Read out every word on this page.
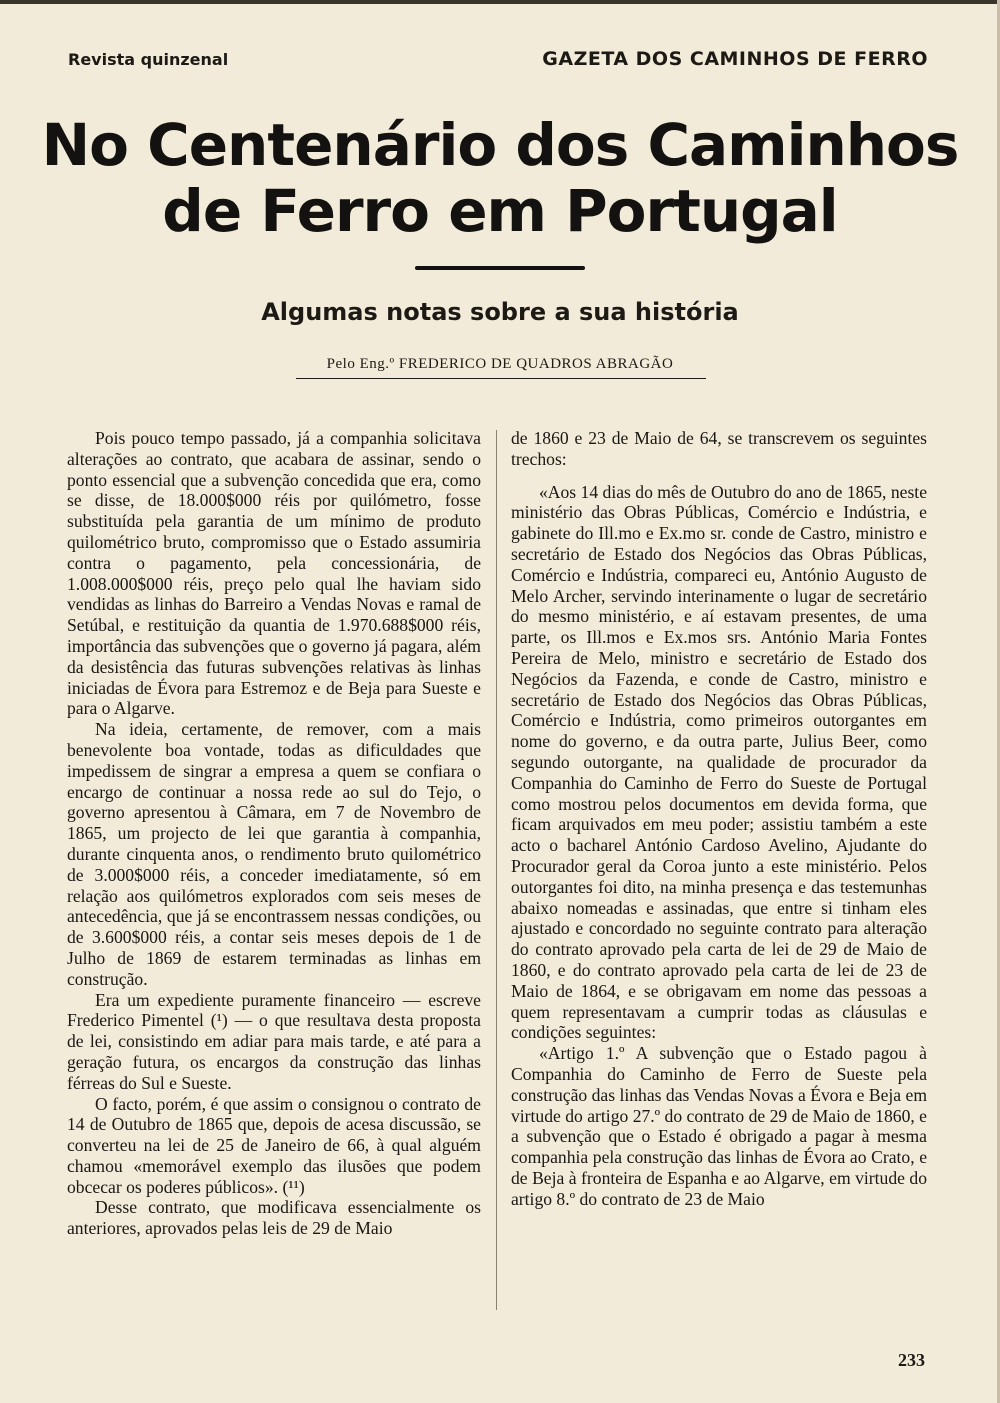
Revista quinzenal	GAZETA DOS CAMINHOS DE FERRO
No Centenário dos Caminhos
de Ferro em Portugal
Algumas notas sobre a sua história
Pelo Eng.º FREDERICO DE QUADROS ABRAGÃO

Pois pouco tempo passado, já a companhia solicitava alterações ao contrato, que acabara de assinar, sendo o ponto essencial que a subvenção concedida que era, como se disse, de 18.000$000 réis por quilómetro, fosse substituída pela garantia de um mínimo de produto quilométrico bruto, compromisso que o Estado assumiria contra o pagamento, pela concessionária, de 1.008.000$000 réis, preço pelo qual lhe haviam sido vendidas as linhas do Barreiro a Vendas Novas e ramal de Setúbal, e restituição da quantia de 1.970.688$000 réis, importância das subvenções que o governo já pagara, além da desistência das futuras subvenções relativas às linhas iniciadas de Évora para Estremoz e de Beja para Sueste e para o Algarve.

Na ideia, certamente, de remover, com a mais benevolente boa vontade, todas as dificuldades que impedissem de singrar a empresa a quem se confiara o encargo de continuar a nossa rede ao sul do Tejo, o governo apresentou à Câmara, em 7 de Novembro de 1865, um projecto de lei que garantia à companhia, durante cinquenta anos, o rendimento bruto quilométrico de 3.000$000 réis, a conceder imediatamente, só em relação aos quilómetros explorados com seis meses de antecedência, que já se encontrassem nessas condições, ou de 3.600$000 réis, a contar seis meses depois de 1 de Julho de 1869 de estarem terminadas as linhas em construção.

Era um expediente puramente financeiro — escreve Frederico Pimentel (¹) — o que resultava desta proposta de lei, consistindo em adiar para mais tarde, e até para a geração futura, os encargos da construção das linhas férreas do Sul e Sueste.

O facto, porém, é que assim o consignou o contrato de 14 de Outubro de 1865 que, depois de acesa discussão, se converteu na lei de 25 de Janeiro de 66, à qual alguém chamou «memorável exemplo das ilusões que podem obcecar os poderes públicos». (¹¹)

Desse contrato, que modificava essencialmente os anteriores, aprovados pelas leis de 29 de Maio

de 1860 e 23 de Maio de 64, se transcrevem os seguintes trechos:

«Aos 14 dias do mês de Outubro do ano de 1865, neste ministério das Obras Públicas, Comércio e Indústria, e gabinete do Ill.mo e Ex.mo sr. conde de Castro, ministro e secretário de Estado dos Negócios das Obras Públicas, Comércio e Indústria, compareci eu, António Augusto de Melo Archer, servindo interinamente o lugar de secretário do mesmo ministério, e aí estavam presentes, de uma parte, os Ill.mos e Ex.mos srs. António Maria Fontes Pereira de Melo, ministro e secretário de Estado dos Negócios da Fazenda, e conde de Castro, ministro e secretário de Estado dos Negócios das Obras Públicas, Comércio e Indústria, como primeiros outorgantes em nome do governo, e da outra parte, Julius Beer, como segundo outorgante, na qualidade de procurador da Companhia do Caminho de Ferro do Sueste de Portugal como mostrou pelos documentos em devida forma, que ficam arquivados em meu poder; assistiu também a este acto o bacharel António Cardoso Avelino, Ajudante do Procurador geral da Coroa junto a este ministério. Pelos outorgantes foi dito, na minha presença e das testemunhas abaixo nomeadas e assinadas, que entre si tinham eles ajustado e concordado no seguinte contrato para alteração do contrato aprovado pela carta de lei de 29 de Maio de 1860, e do contrato aprovado pela carta de lei de 23 de Maio de 1864, e se obrigavam em nome das pessoas a quem representavam a cumprir todas as cláusulas e condições seguintes:

«Artigo 1.º A subvenção que o Estado pagou à Companhia do Caminho de Ferro de Sueste pela construção das linhas das Vendas Novas a Évora e Beja em virtude do artigo 27.º do contrato de 29 de Maio de 1860, e a subvenção que o Estado é obrigado a pagar à mesma companhia pela construção das linhas de Évora ao Crato, e de Beja à fronteira de Espanha e ao Algarve, em virtude do artigo 8.º do contrato de 23 de Maio

233
